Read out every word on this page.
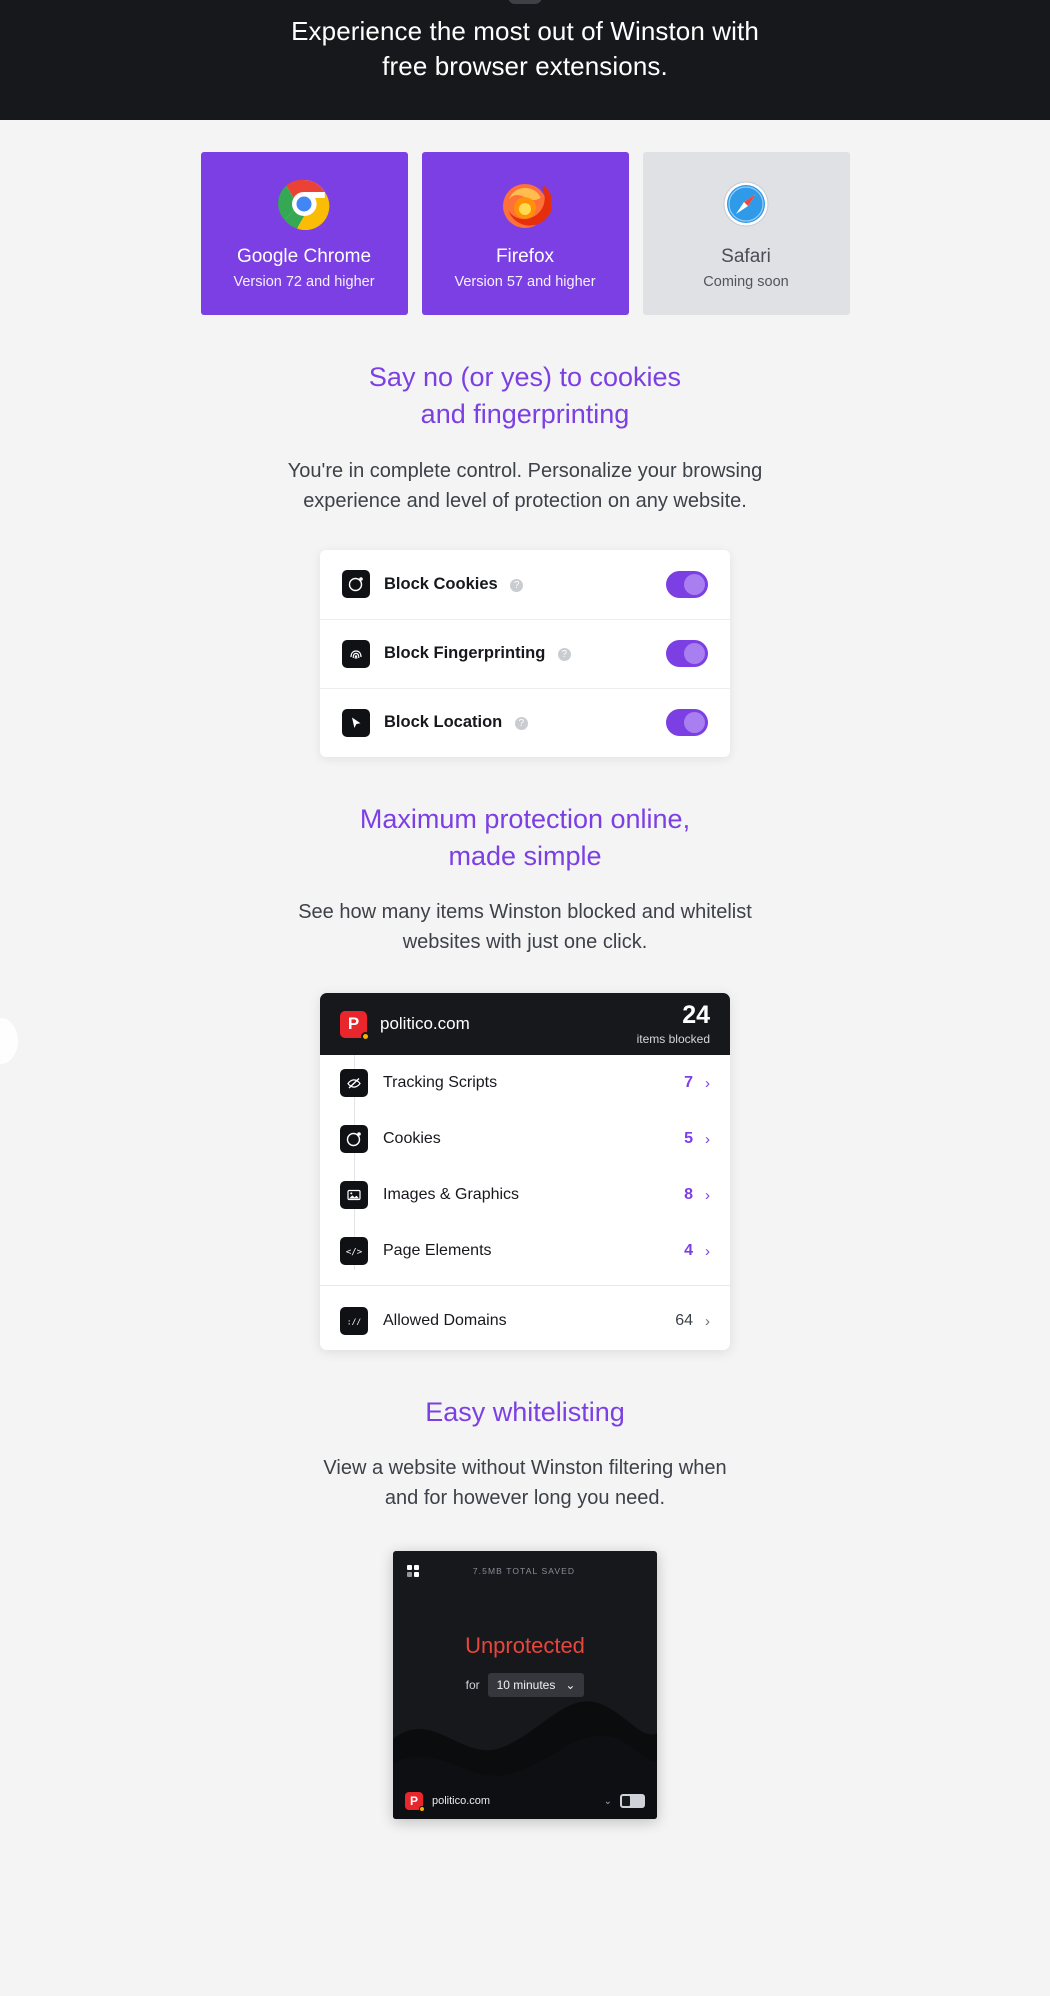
Experience the most out of Winston with
free browser extensions.
Google Chrome
Version 72 and higher
Firefox
Version 57 and higher
Safari
Coming soon
Say no (or yes) to cookies
and fingerprinting

You're in complete control. Personalize your browsing
experience and level of protection on any website.

Block Cookies ?
Block Fingerprinting ?
Block Location ?
Maximum protection online,
made simple

See how many items Winston blocked and whitelist
websites with just one click.

P politico.com	24
items blocked
Tracking Scripts	7 ›
Cookies	5 ›
Images & Graphics	8 ›
</> Page Elements	4 ›
:// Allowed Domains	64 ›
Easy whitelisting

View a website without Winston filtering when
and for however long you need.

7.5MB TOTAL SAVED
Unprotected
for 10 minutes ⌄
P politico.com	⌄
